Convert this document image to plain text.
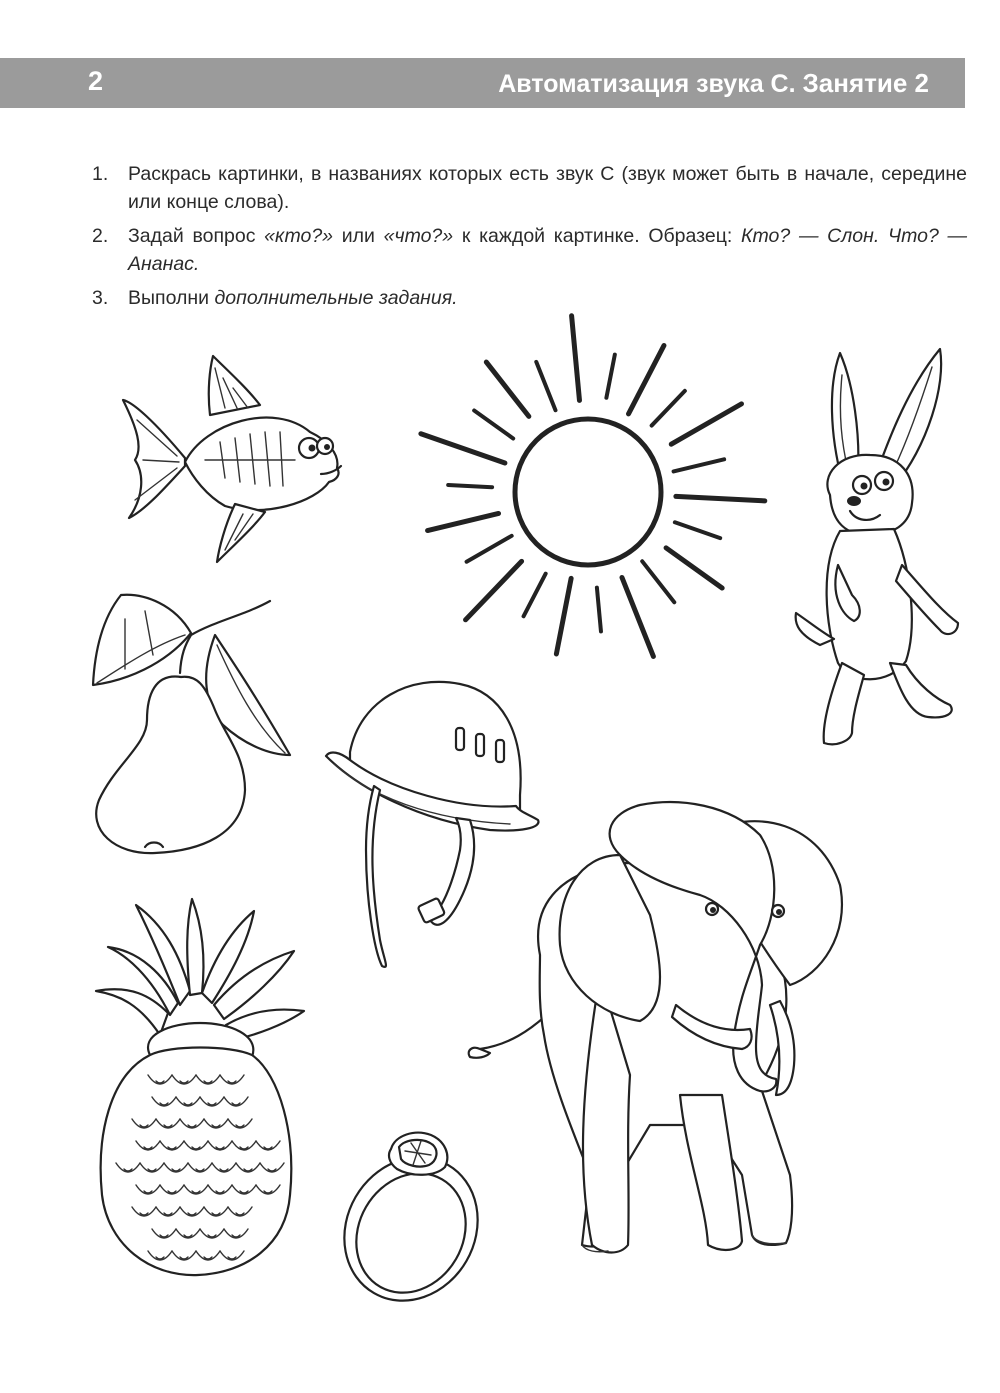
2	Автоматизация звука С. Занятие 2
1.	Раскрась картинки, в названиях которых есть звук С (звук может быть в начале, середине или конце слова).
2.	Задай вопрос «кто?» или «что?» к каждой картинке. Образец: Кто? — Слон. Что? — Ананас.
3.	Выполни дополнительные задания.
